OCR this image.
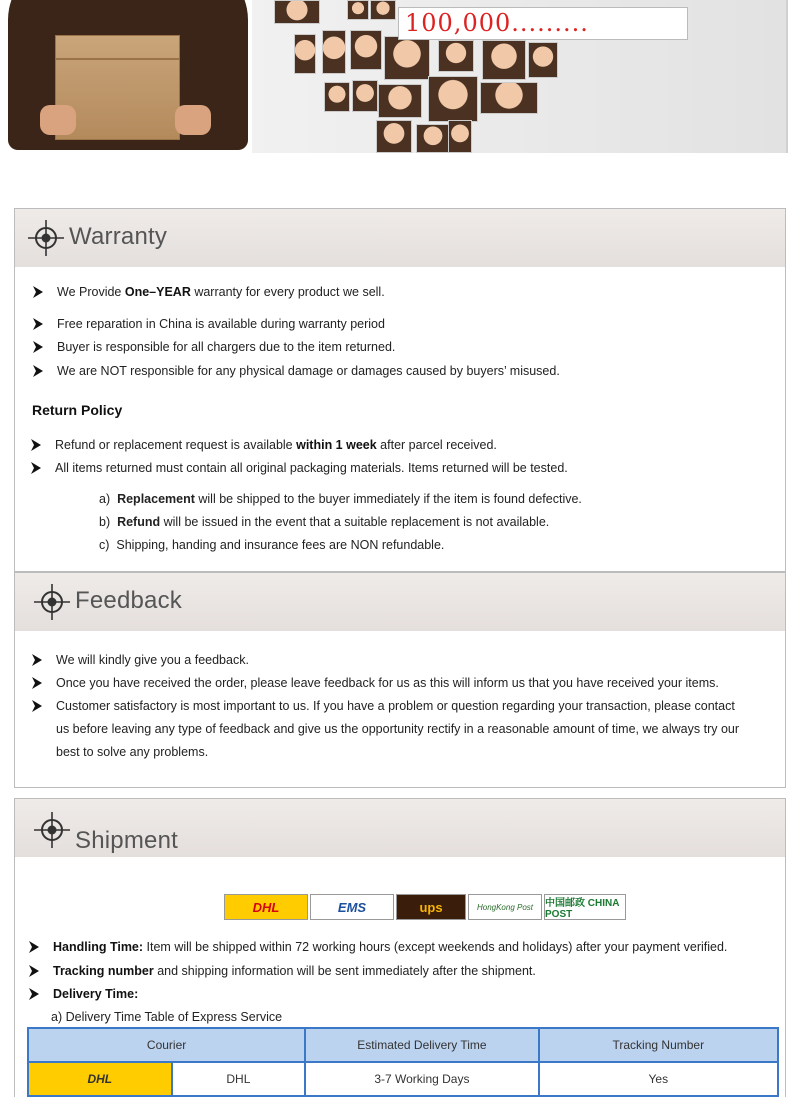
100,000.........
Warranty
We Provide One–YEAR warranty for every product we sell.
Free reparation in China is available during warranty period
Buyer is responsible for all chargers due to the item returned.
We are NOT responsible for any physical damage or damages caused by buyers’ misused.
Return Policy
Refund or replacement request is available within 1 week after parcel received.
All items returned must contain all original packaging materials. Items returned will be tested.
a) Replacement will be shipped to the buyer immediately if the item is found defective.
b) Refund will be issued in the event that a suitable replacement is not available.
c) Shipping, handing and insurance fees are NON refundable.
Feedback
We will kindly give you a feedback.
Once you have received the order, please leave feedback for us as this will inform us that you have received your items.
Customer satisfactory is most important to us. If you have a problem or question regarding your transaction, please contact
us before leaving any type of feedback and give us the opportunity rectify in a reasonable amount of time, we always try our
best to solve any problems.
Shipment
DHL	EMS	ups	HongKong Post	中国邮政 CHINA POST
Handling Time: Item will be shipped within 72 working hours (except weekends and holidays) after your payment verified.
Tracking number and shipping information will be sent immediately after the shipment.
Delivery Time:
a) Delivery Time Table of Express Service
Courier		Estimated Delivery Time	Tracking Number
DHL	DHL	3-7 Working Days	Yes
